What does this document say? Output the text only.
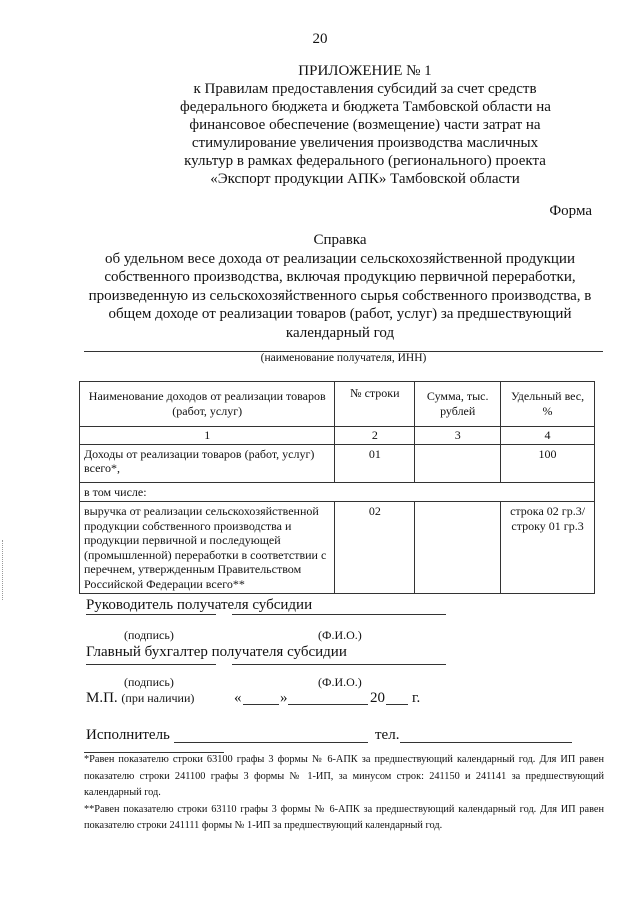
20
ПРИЛОЖЕНИЕ № 1
к Правилам предоставления субсидий за счет средств
федерального бюджета и бюджета Тамбовской области на
финансовое обеспечение (возмещение) части затрат на
стимулирование увеличения производства масличных
культур в рамках федерального (регионального) проекта
«Экспорт продукции АПК» Тамбовской области
Форма
Справка
об удельном весе дохода от реализации сельскохозяйственной продукции
собственного производства, включая продукцию первичной переработки,
произведенную из сельскохозяйственного сырья собственного производства, в
общем доходе от реализации товаров (работ, услуг) за предшествующий
календарный год
(наименование получателя, ИНН)
Наименование доходов от реализации товаров (работ, услуг)	№ строки	Сумма, тыс. рублей	Удельный вес, %
1	2	3	4
Доходы от реализации товаров (работ, услуг) всего*,	01		100
в том числе:			
выручка от реализации сельскохозяйственной продукции собственного производства и продукции первичной и последующей (промышленной) переработки в соответствии с перечнем, утвержденным Правительством Российской Федерации всего**	02		строка 02 гр.3/ строку 01 гр.3
Руководитель получателя субсидии
(подпись)	(Ф.И.О.)
Главный бухгалтер получателя субсидии
(подпись)	(Ф.И.О.)
М.П. (при наличии)	«	»	20 г.
Исполнитель	тел.
*Равен показателю строки 63100 графы 3 формы № 6-АПК за предшествующий календарный год. Для ИП равен показателю строки 241100 графы 3 формы № 1-ИП, за минусом строк: 241150 и 241141 за предшествующий календарный год.
**Равен показателю строки 63110 графы 3 формы № 6-АПК за предшествующий календарный год. Для ИП равен показателю строки 241111 формы № 1-ИП за предшествующий календарный год.
